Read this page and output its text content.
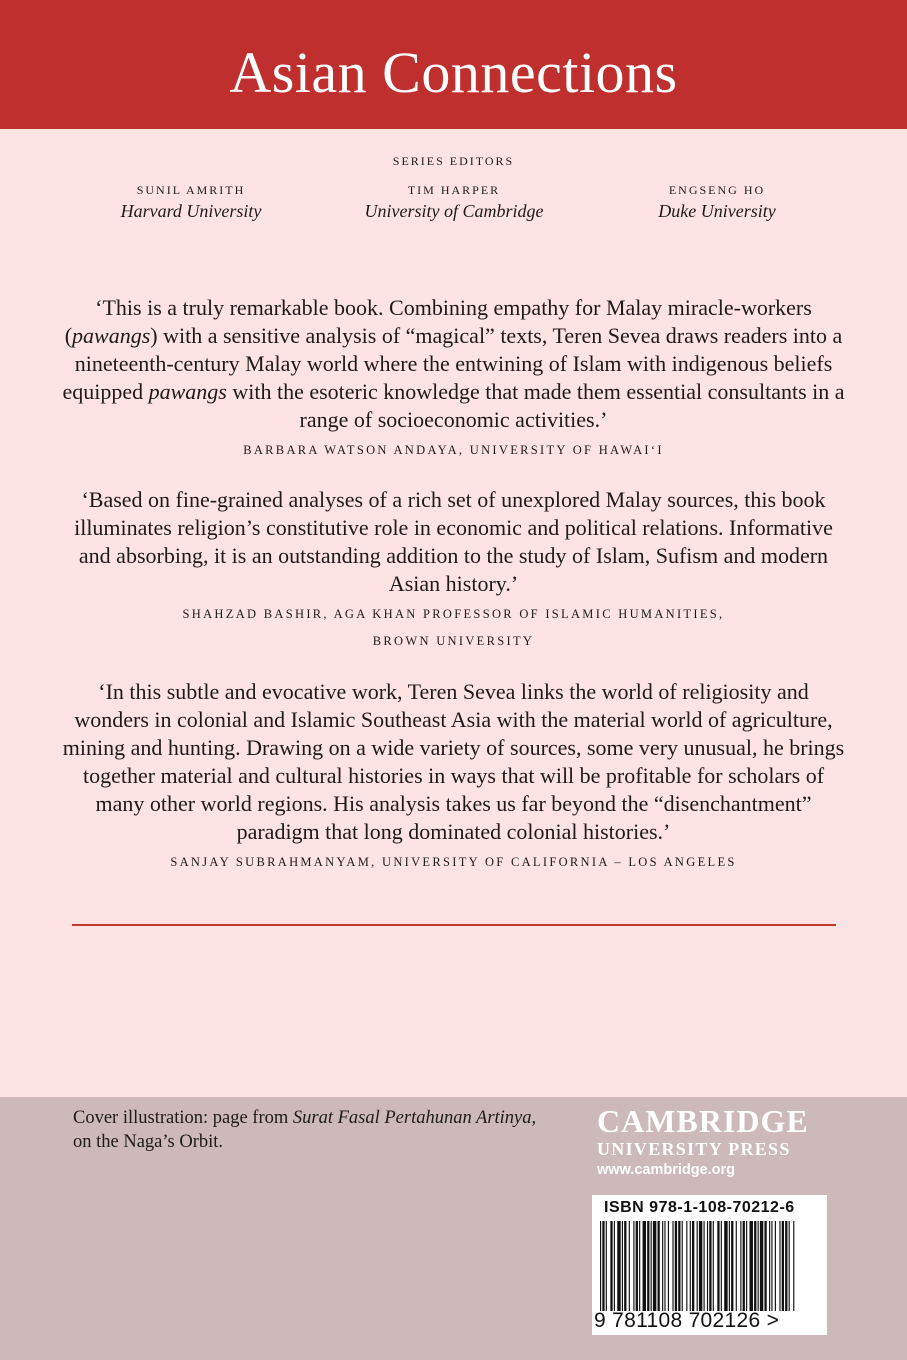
Asian Connections
SERIES EDITORS
SUNIL AMRITH
Harvard University
TIM HARPER
University of Cambridge
ENGSENG HO
Duke University
‘This is a truly remarkable book. Combining empathy for Malay miracle-workers (pawangs) with a sensitive analysis of “magical” texts, Teren Sevea draws readers into a nineteenth-century Malay world where the entwining of Islam with indigenous beliefs equipped pawangs with the esoteric knowledge that made them essential consultants in a range of socioeconomic activities.’
BARBARA WATSON ANDAYA, UNIVERSITY OF HAWAI‘I
‘Based on fine-grained analyses of a rich set of unexplored Malay sources, this book illuminates religion’s constitutive role in economic and political relations. Informative and absorbing, it is an outstanding addition to the study of Islam, Sufism and modern Asian history.’
SHAHZAD BASHIR, AGA KHAN PROFESSOR OF ISLAMIC HUMANITIES,
BROWN UNIVERSITY
‘In this subtle and evocative work, Teren Sevea links the world of religiosity and wonders in colonial and Islamic Southeast Asia with the material world of agriculture, mining and hunting. Drawing on a wide variety of sources, some very unusual, he brings together material and cultural histories in ways that will be profitable for scholars of many other world regions. His analysis takes us far beyond the “disenchantment” paradigm that long dominated colonial histories.’
SANJAY SUBRAHMANYAM, UNIVERSITY OF CALIFORNIA – LOS ANGELES
Cover illustration: page from Surat Fasal Pertahunan Artinya, on the Naga’s Orbit.
CAMBRIDGE
UNIVERSITY PRESS
www.cambridge.org
ISBN 978-1-108-70212-6
9 781108 702126 >
